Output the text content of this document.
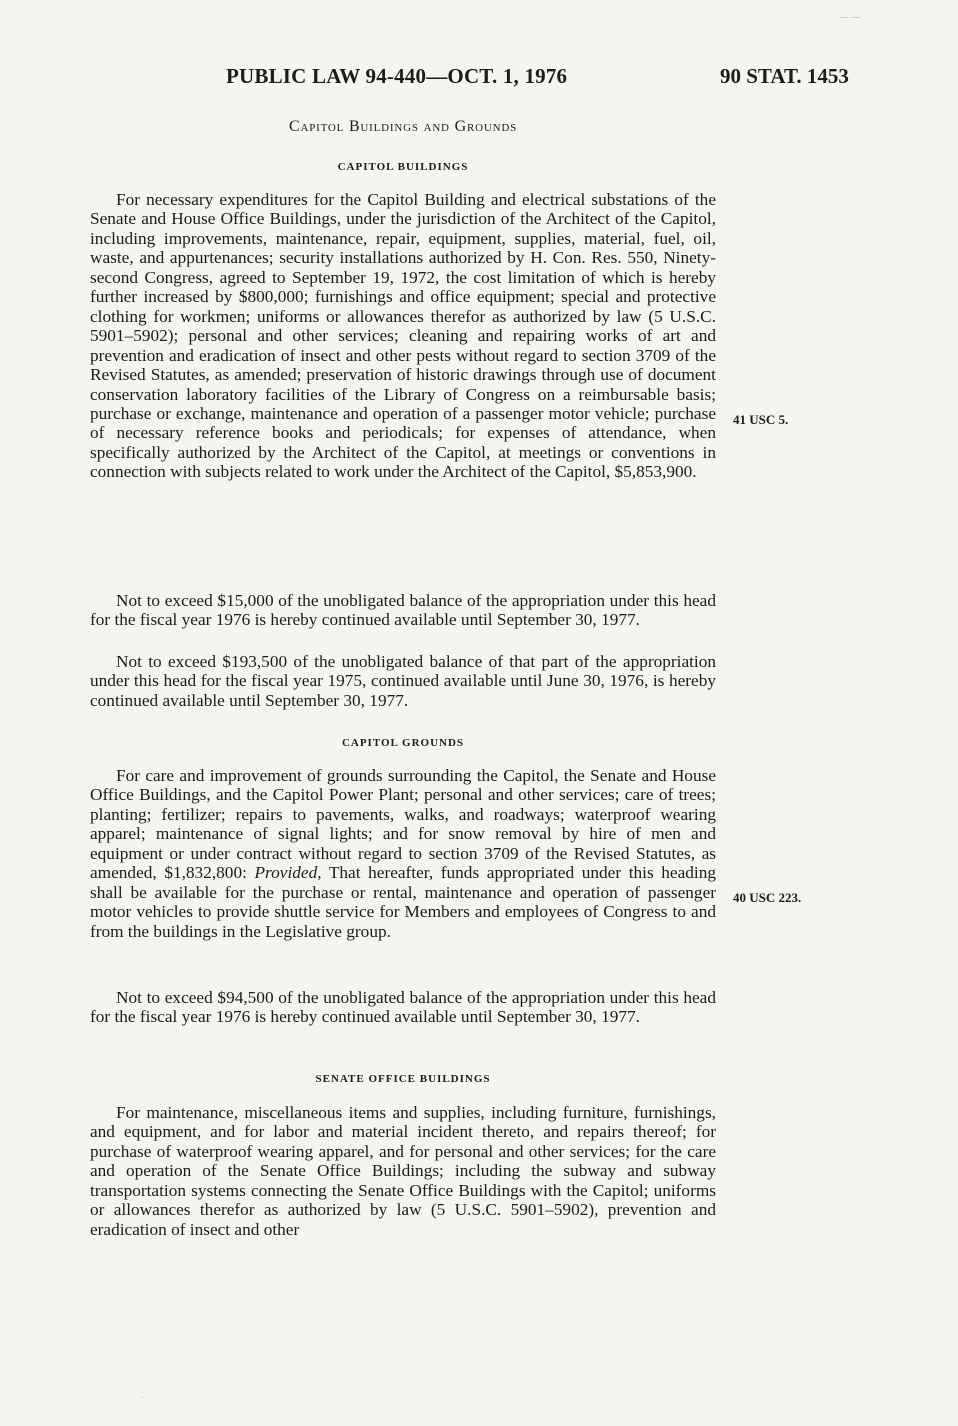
PUBLIC LAW 94-440—OCT. 1, 1976	90 STAT. 1453
Capitol Buildings and Grounds
CAPITOL BUILDINGS

For necessary expenditures for the Capitol Building and electrical substations of the Senate and House Office Buildings, under the jurisdiction of the Architect of the Capitol, including improvements, maintenance, repair, equipment, supplies, material, fuel, oil, waste, and appurtenances; security installations authorized by H. Con. Res. 550, Ninety-second Congress, agreed to September 19, 1972, the cost limitation of which is hereby further increased by $800,000; furnishings and office equipment; special and protective clothing for workmen; uniforms or allowances therefor as authorized by law (5 U.S.C. 5901–5902); personal and other services; cleaning and repairing works of art and prevention and eradication of insect and other pests without regard to section 3709 of the Revised Statutes, as amended; preservation of historic drawings through use of document conservation laboratory facilities of the Library of Congress on a reimbursable basis; purchase or exchange, maintenance and operation of a passenger motor vehicle; purchase of necessary reference books and periodicals; for expenses of attendance, when specifically authorized by the Architect of the Capitol, at meetings or conventions in connection with subjects related to work under the Architect of the Capitol, $5,853,900.

41 USC 5.

Not to exceed $15,000 of the unobligated balance of the appropriation under this head for the fiscal year 1976 is hereby continued available until September 30, 1977.

Not to exceed $193,500 of the unobligated balance of that part of the appropriation under this head for the fiscal year 1975, continued available until June 30, 1976, is hereby continued available until September 30, 1977.

CAPITOL GROUNDS

For care and improvement of grounds surrounding the Capitol, the Senate and House Office Buildings, and the Capitol Power Plant; personal and other services; care of trees; planting; fertilizer; repairs to pavements, walks, and roadways; waterproof wearing apparel; maintenance of signal lights; and for snow removal by hire of men and equipment or under contract without regard to section 3709 of the Revised Statutes, as amended, $1,832,800: Provided, That hereafter, funds appropriated under this heading shall be available for the purchase or rental, maintenance and operation of passenger motor vehicles to provide shuttle service for Members and employees of Congress to and from the buildings in the Legislative group.

40 USC 223.

Not to exceed $94,500 of the unobligated balance of the appropriation under this head for the fiscal year 1976 is hereby continued available until September 30, 1977.

SENATE OFFICE BUILDINGS

For maintenance, miscellaneous items and supplies, including furniture, furnishings, and equipment, and for labor and material incident thereto, and repairs thereof; for purchase of waterproof wearing apparel, and for personal and other services; for the care and operation of the Senate Office Buildings; including the subway and subway transportation systems connecting the Senate Office Buildings with the Capitol; uniforms or allowances therefor as authorized by law (5 U.S.C. 5901–5902), prevention and eradication of insect and other

─ ─
·
